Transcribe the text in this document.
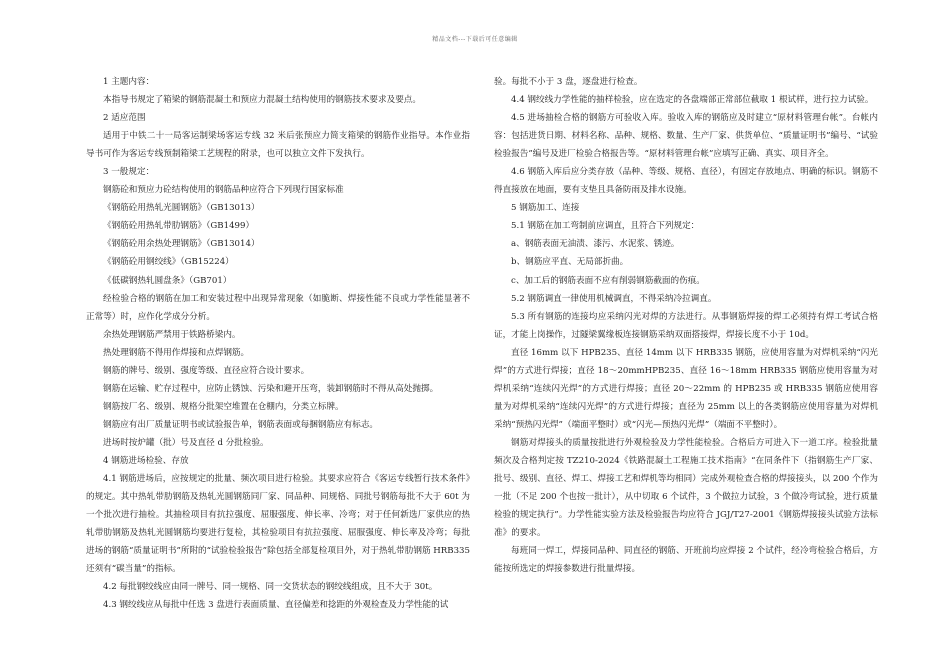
精品文档---下载后可任意编辑

1 主题内容：

本指导书规定了箱梁的钢筋混凝土和预应力混凝土结构使用的钢筋技术要求及要点。

2 适应范围

适用于中铁二十一局客运制梁场客运专线 32 米后张预应力简支箱梁的钢筋作业指导。本作业指导书可作为客运专线预制箱梁工艺规程的附录，也可以独立文件下发执行。

3 一般规定：

钢筋砼和预应力砼结构使用的钢筋品种应符合下列现行国家标准

《钢筋砼用热轧光圆钢筋》（GB13013）

《钢筋砼用热轧带肋钢筋》（GB1499）

《钢筋砼用余热处理钢筋》（GB13014）

《钢筋砼用钢绞线》（GB15224）

《低碳钢热轧圆盘条》（GB701）

经检验合格的钢筋在加工和安装过程中出现异常现象（如脆断、焊接性能不良或力学性能显著不正常等）时，应作化学成分分析。

余热处理钢筋严禁用于铁路桥梁内。

热处理钢筋不得用作焊接和点焊钢筋。

钢筋的牌号、级别、强度等级、直径应符合设计要求。

钢筋在运输、贮存过程中，应防止锈蚀、污染和避开压弯，装卸钢筋时不得从高处抛掷。

钢筋按厂名、级别、规格分批架空堆置在仓棚内，分类立标牌。

钢筋应有出厂质量证明书或试验报告单，钢筋表面或每捆钢筋应有标志。

进场时按炉罐（批）号及直径 d 分批检验。

4 钢筋进场检验、存放

4.1 钢筋进场后，应按规定的批量、频次项目进行检验。其要求应符合《客运专线暂行技术条件》的规定。其中热轧带肋钢筋及热轧光圆钢筋同厂家、同品种、同规格、同批号钢筋每批不大于 60t 为一个批次进行抽检。其抽检项目有抗拉强度、屈服强度、伸长率、冷弯；对于任何新选厂家供应的热轧带肋钢筋及热轧光圆钢筋均要进行复检，其检验项目有抗拉强度、屈服强度、伸长率及冷弯；每批进场的钢筋“质量证明书”所附的“试验检验报告”除包括全部复检项目外，对于热轧带肋钢筋 HRB335 还须有“碳当量”的指标。

4.2 每批钢绞线应由同一牌号、同一规格、同一交货状态的钢绞线组成，且不大于 30t。

4.3 钢绞线应从每批中任选 3 盘进行表面质量、直径偏差和捻距的外观检查及力学性能的试

验。每批不小于 3 盘，逐盘进行检查。

4.4 钢绞线力学性能的抽样检验，应在选定的各盘端部正常部位截取 1 根试样，进行拉力试验。

4.5 进场抽检合格的钢筋方可验收入库。验收入库的钢筋应及时建立“原材料管理台帐”。台帐内容：包括进货日期、材料名称、品种、规格、数量、生产厂家、供货单位、“质量证明书”编号、“试验检验报告”编号及进厂检验合格报告等。“原材料管理台帐”应填写正确、真实、项目齐全。

4.6 钢筋入库后应分类存放（品种、等级、规格、直径），有固定存放地点、明确的标识。钢筋不得直接放在地面，要有支垫且具备防雨及排水设施。

5 钢筋加工、连接

5.1 钢筋在加工弯制前应调直，且符合下列规定：

a、钢筋表面无油渍、漆污、水泥浆、锈迹。

b、钢筋应平直、无局部折曲。

c、加工后的钢筋表面不应有削弱钢筋截面的伤痕。

5.2 钢筋调直一律使用机械调直，不得采纳冷拉调直。

5.3 所有钢筋的连接均应采纳闪光对焊的方法进行。从事钢筋焊接的焊工必须持有焊工考试合格证，才能上岗操作，过隧梁翼缘板连接钢筋采纳双面搭接焊，焊接长度不小于 10d。

直径 16mm 以下 HPB235、直径 14mm 以下 HRB335 钢筋，应使用容量为对焊机采纳“闪光焊”的方式进行焊接；直径 18～20mmHPB235、直径 16～18mm HRB335 钢筋应使用容量为对焊机采纳“连续闪光焊”的方式进行焊接；直径 20～22mm 的 HPB235 或 HRB335 钢筋应使用容量为对焊机采纳“连续闪光焊”的方式进行焊接；直径为 25mm 以上的各类钢筋应使用容量为对焊机采纳“预热闪光焊”（端面平整时）或“闪光—预热闪光焊”（端面不平整时）。

钢筋对焊接头的质量按批进行外观检验及力学性能检验。合格后方可进入下一道工序。检验批量频次及合格判定按 TZ210-2024《铁路混凝土工程施工技术指南》“在同条件下（指钢筋生产厂家、批号、级别、直径、焊工、焊接工艺和焊机等均相同）完成外观检查合格的焊接接头，以 200 个作为一批（不足 200 个也按一批计），从中切取 6 个试件，3 个做拉力试验，3 个做冷弯试验，进行质量检验的规定执行”。力学性能实验方法及检验报告均应符合 JGJ/T27-2001《钢筋焊接接头试验方法标准》的要求。

每班同一焊工，焊接同品种、同直径的钢筋、开班前均应焊接 2 个试件，经冷弯检验合格后，方能按所选定的焊接参数进行批量焊接。
